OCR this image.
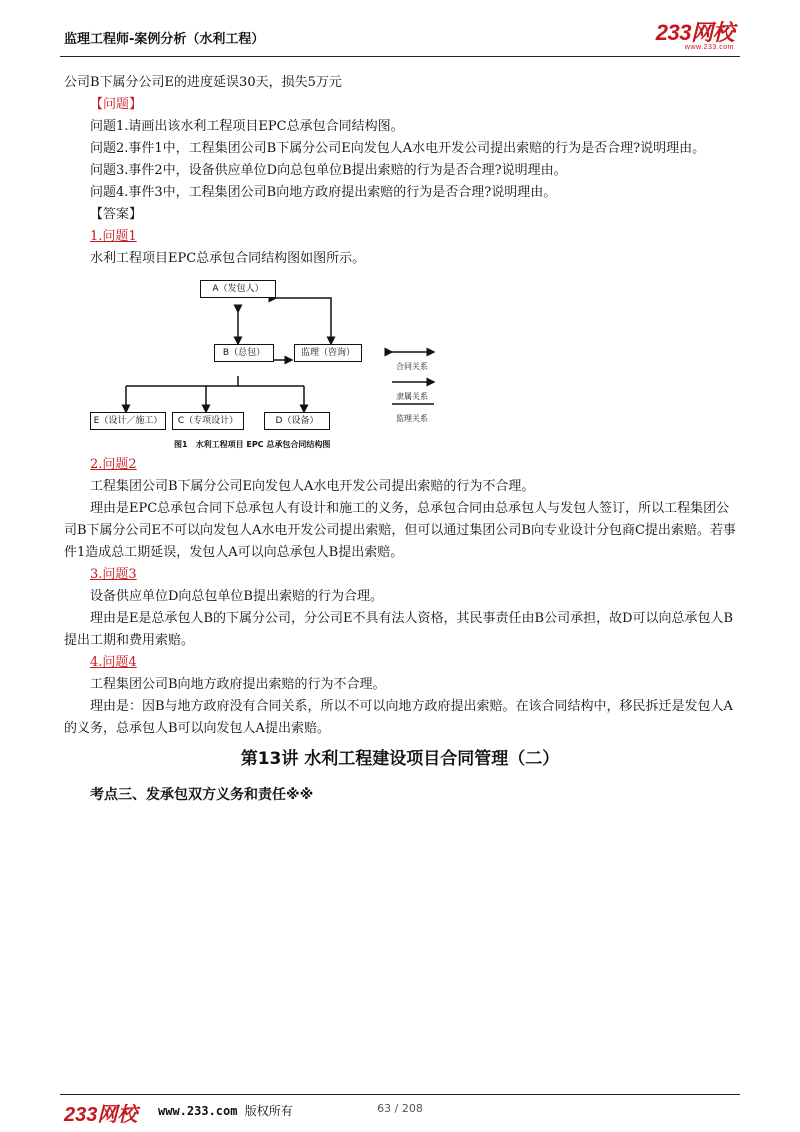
监理工程师-案例分析（水利工程）	233网校
www.233.com

公司B下属分公司E的进度延误30天，损失5万元

【问题】

问题1.请画出该水利工程项目EPC总承包合同结构图。

问题2.事件1中，工程集团公司B下属分公司E向发包人A水电开发公司提出索赔的行为是否合理?说明理由。

问题3.事件2中，设备供应单位D向总包单位B提出索赔的行为是否合理?说明理由。

问题4.事件3中，工程集团公司B向地方政府提出索赔的行为是否合理?说明理由。

【答案】

1.问题1

水利工程项目EPC总承包合同结构图如图所示。

A（发包人）
B（总包）	监理（咨询）
E（设计／施工）	C（专项设计）	D（设备）
合同关系
隶属关系
监理关系
图1　水利工程项目 EPC 总承包合同结构图

2.问题2

工程集团公司B下属分公司E向发包人A水电开发公司提出索赔的行为不合理。

理由是EPC总承包合同下总承包人有设计和施工的义务，总承包合同由总承包人与发包人签订，所以工程集团公司B下属分公司E不可以向发包人A水电开发公司提出索赔，但可以通过集团公司B向专业设计分包商C提出索赔。若事件1造成总工期延误，发包人A可以向总承包人B提出索赔。

3.问题3

设备供应单位D向总包单位B提出索赔的行为合理。

理由是E是总承包人B的下属分公司，分公司E不具有法人资格，其民事责任由B公司承担，故D可以向总承包人B提出工期和费用索赔。

4.问题4

工程集团公司B向地方政府提出索赔的行为不合理。

理由是：因B与地方政府没有合同关系，所以不可以向地方政府提出索赔。在该合同结构中，移民拆迁是发包人A的义务，总承包人B可以向发包人A提出索赔。

第13讲 水利工程建设项目合同管理（二）
考点三、发承包双方义务和责任※※
233网校 www.233.com 版权所有	63 / 208
